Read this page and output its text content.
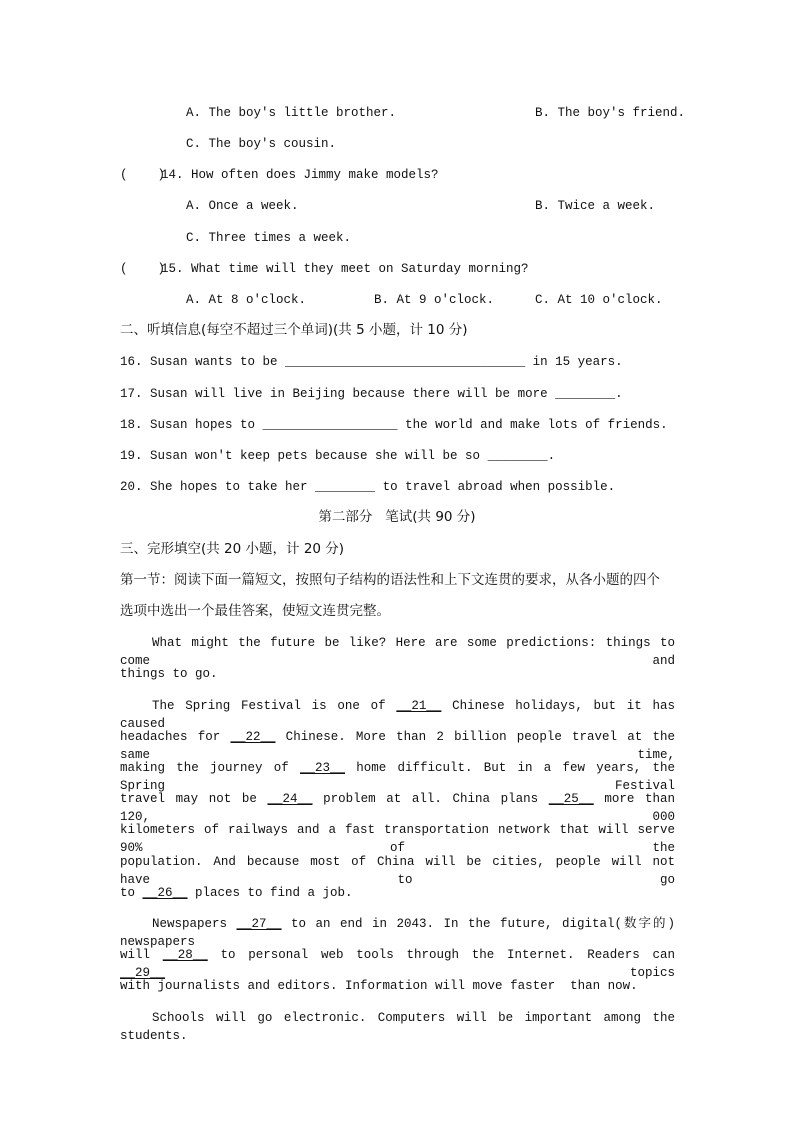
A. The boy's little brother.	B. The boy's friend.
C. The boy's cousin.
(    )
14. How often does Jimmy make models?
A. Once a week.	B. Twice a week.
C. Three times a week.
(    )
15. What time will they meet on Saturday morning?
A. At 8 o'clock.	B. At 9 o'clock.	C. At 10 o'clock.
二、听填信息(每空不超过三个单词)(共 5 小题，计 10 分)
16. Susan wants to be ________________________________ in 15 years.
17. Susan will live in Beijing because there will be more ________.
18. Susan hopes to __________________ the world and make lots of friends.
19. Susan won't keep pets because she will be so ________.
20. She hopes to take her ________ to travel abroad when possible.
第二部分   笔试(共 90 分)
三、完形填空(共 20 小题，计 20 分)
第一节：阅读下面一篇短文，按照句子结构的语法性和上下文连贯的要求，从各小题的四个
选项中选出一个最佳答案，使短文连贯完整。
What might the future be like? Here are some predictions: things to come and
things to go.
The Spring Festival is one of __21__ Chinese holidays, but it has caused
headaches for __22__ Chinese. More than 2 billion people travel at the same time,
making the journey of __23__ home difficult. But in a few years, the Spring Festival
travel may not be __24__ problem at all. China plans __25__ more than 120, 000
kilometers of railways and a fast transportation network that will serve 90% of the
population. And because most of China will be cities, people will not have to go
to __26__ places to find a job.
Newspapers __27__ to an end in 2043. In the future, digital(数字的) newspapers
will __28__ to personal web tools through the Internet. Readers can __29__ topics
with journalists and editors. Information will move faster  than now.
Schools will go electronic. Computers will be important among the students.
